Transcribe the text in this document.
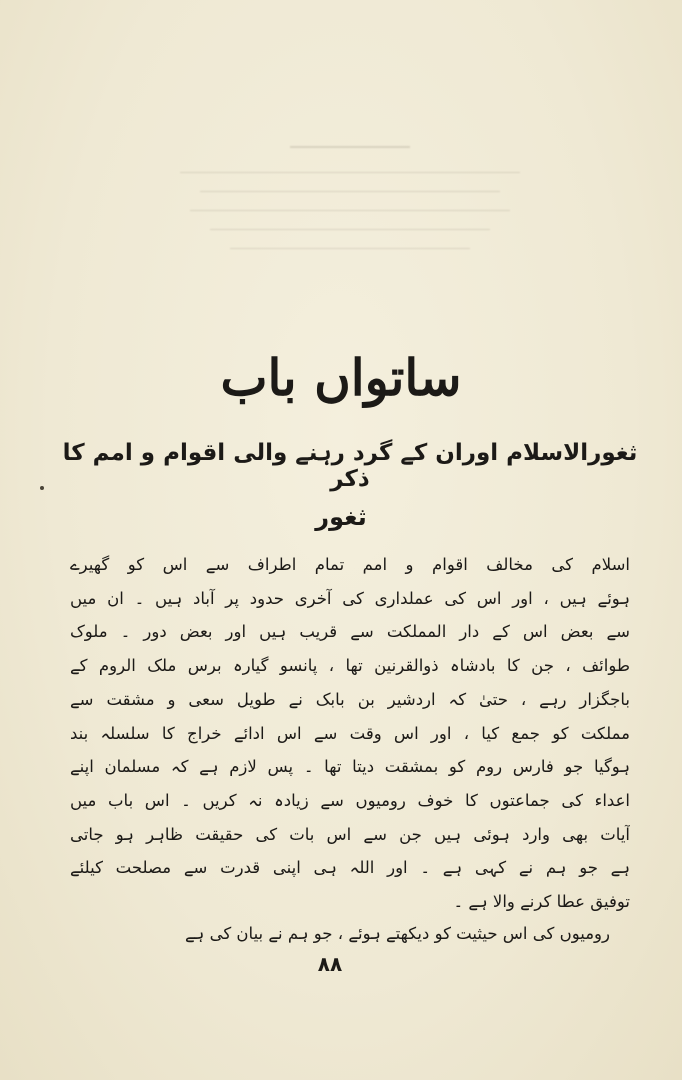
ساتواں باب
ثغورالاسلام اوران کے گرد رہنے والی اقوام و امم کا ذکر
ثغور

اسلام کی مخالف اقوام و امم تمام اطراف سے اس کو گھیرے

ہوئے ہیں ، اور اس کی عملداری کی آخری حدود پر آباد ہیں ۔ ان میں

سے بعض اس کے دار المملکت سے قریب ہیں اور بعض دور ۔ ملوک

طوائف ، جن کا بادشاہ ذوالقرنین تھا ، پانسو گیارہ برس ملک الروم کے

باجگزار رہے ، حتیٰ کہ اردشیر بن بابک نے طویل سعی و مشقت سے

مملکت کو جمع کیا ، اور اس وقت سے اس ادائے خراج کا سلسلہ بند

ہوگیا جو فارس روم کو بمشقت دیتا تھا ۔ پس لازم ہے کہ مسلمان اپنے

اعداء کی جماعتوں کا خوف رومیوں سے زیادہ نہ کریں ۔ اس باب میں

آیات بھی وارد ہوئی ہیں جن سے اس بات کی حقیقت ظاہر ہو جاتی

ہے جو ہم نے کہی ہے ۔ اور اللہ ہی اپنی قدرت سے مصلحت کیلئے

توفیق عطا کرنے والا ہے ۔

رومیوں کی اس حیثیت کو دیکھتے ہوئے ، جو ہم نے بیان کی ہے

٨٨
